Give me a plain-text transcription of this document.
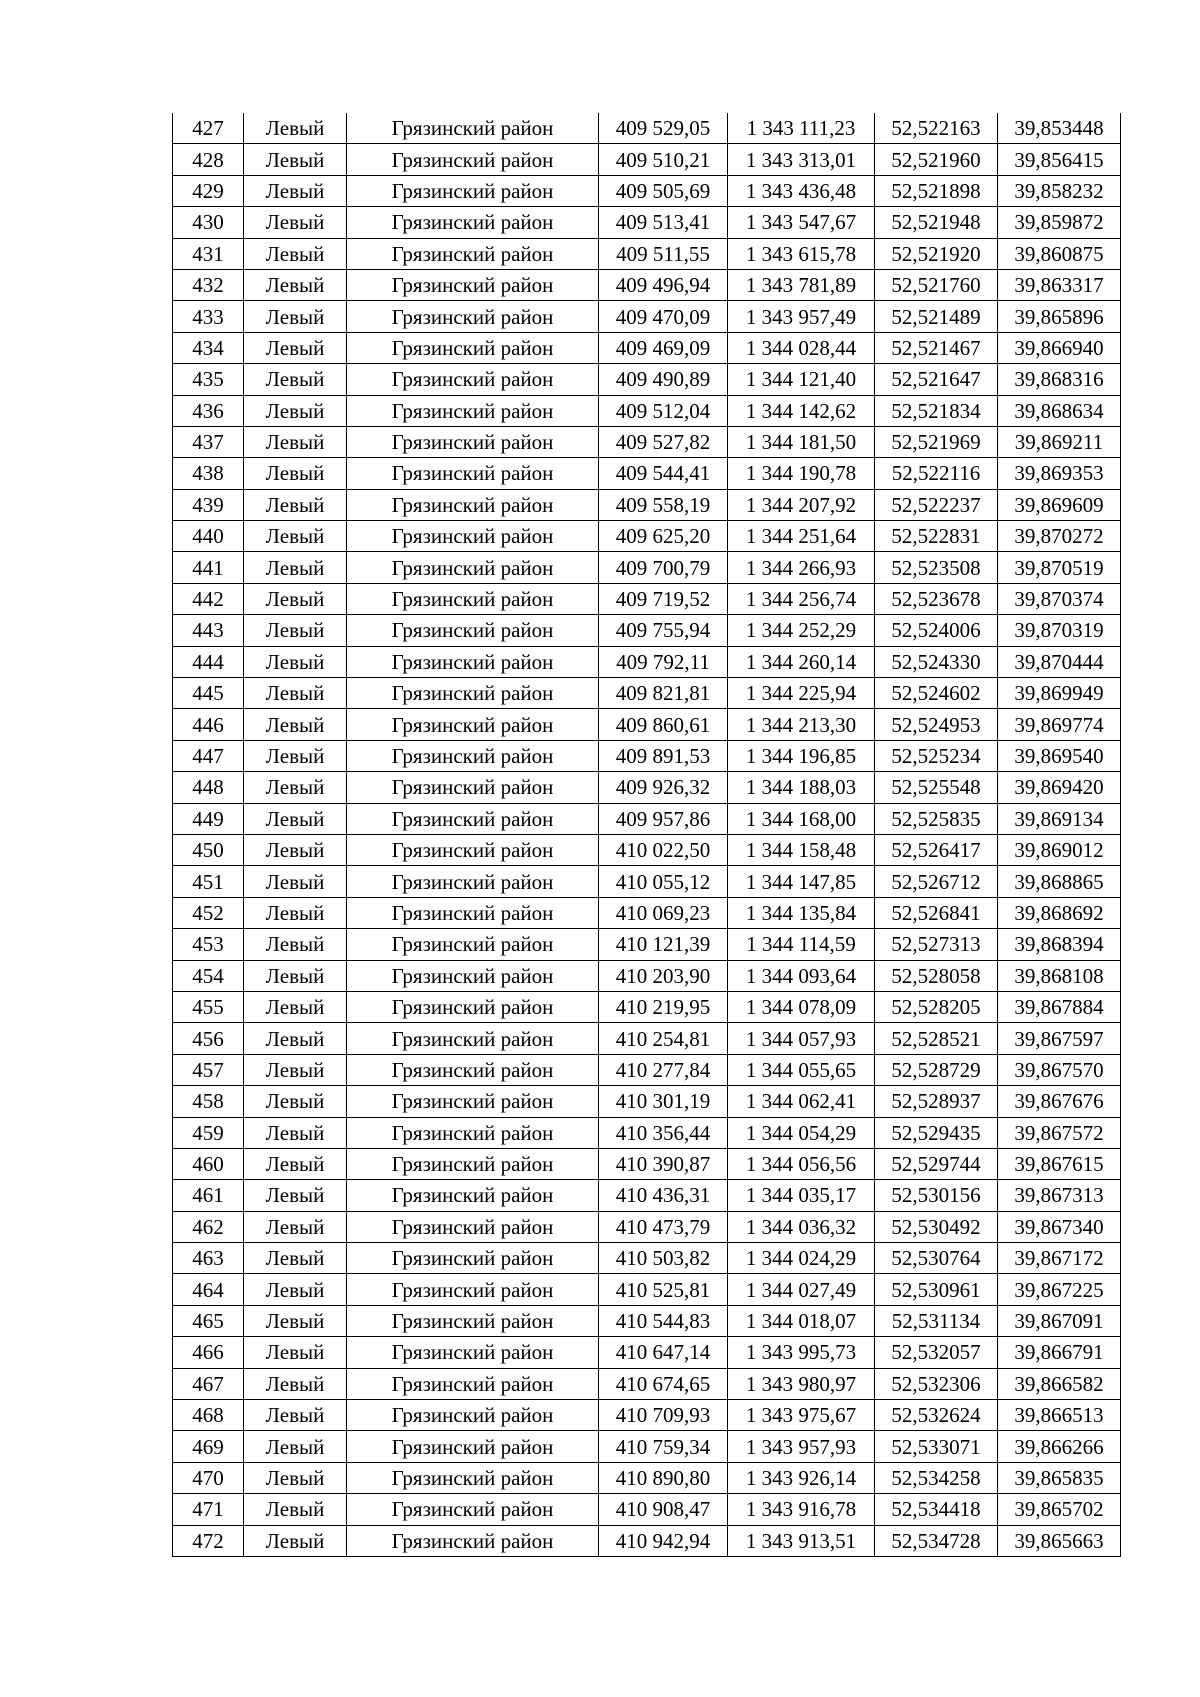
427	Левый	Грязинский район	409 529,05	1 343 111,23	52,522163	39,853448
428	Левый	Грязинский район	409 510,21	1 343 313,01	52,521960	39,856415
429	Левый	Грязинский район	409 505,69	1 343 436,48	52,521898	39,858232
430	Левый	Грязинский район	409 513,41	1 343 547,67	52,521948	39,859872
431	Левый	Грязинский район	409 511,55	1 343 615,78	52,521920	39,860875
432	Левый	Грязинский район	409 496,94	1 343 781,89	52,521760	39,863317
433	Левый	Грязинский район	409 470,09	1 343 957,49	52,521489	39,865896
434	Левый	Грязинский район	409 469,09	1 344 028,44	52,521467	39,866940
435	Левый	Грязинский район	409 490,89	1 344 121,40	52,521647	39,868316
436	Левый	Грязинский район	409 512,04	1 344 142,62	52,521834	39,868634
437	Левый	Грязинский район	409 527,82	1 344 181,50	52,521969	39,869211
438	Левый	Грязинский район	409 544,41	1 344 190,78	52,522116	39,869353
439	Левый	Грязинский район	409 558,19	1 344 207,92	52,522237	39,869609
440	Левый	Грязинский район	409 625,20	1 344 251,64	52,522831	39,870272
441	Левый	Грязинский район	409 700,79	1 344 266,93	52,523508	39,870519
442	Левый	Грязинский район	409 719,52	1 344 256,74	52,523678	39,870374
443	Левый	Грязинский район	409 755,94	1 344 252,29	52,524006	39,870319
444	Левый	Грязинский район	409 792,11	1 344 260,14	52,524330	39,870444
445	Левый	Грязинский район	409 821,81	1 344 225,94	52,524602	39,869949
446	Левый	Грязинский район	409 860,61	1 344 213,30	52,524953	39,869774
447	Левый	Грязинский район	409 891,53	1 344 196,85	52,525234	39,869540
448	Левый	Грязинский район	409 926,32	1 344 188,03	52,525548	39,869420
449	Левый	Грязинский район	409 957,86	1 344 168,00	52,525835	39,869134
450	Левый	Грязинский район	410 022,50	1 344 158,48	52,526417	39,869012
451	Левый	Грязинский район	410 055,12	1 344 147,85	52,526712	39,868865
452	Левый	Грязинский район	410 069,23	1 344 135,84	52,526841	39,868692
453	Левый	Грязинский район	410 121,39	1 344 114,59	52,527313	39,868394
454	Левый	Грязинский район	410 203,90	1 344 093,64	52,528058	39,868108
455	Левый	Грязинский район	410 219,95	1 344 078,09	52,528205	39,867884
456	Левый	Грязинский район	410 254,81	1 344 057,93	52,528521	39,867597
457	Левый	Грязинский район	410 277,84	1 344 055,65	52,528729	39,867570
458	Левый	Грязинский район	410 301,19	1 344 062,41	52,528937	39,867676
459	Левый	Грязинский район	410 356,44	1 344 054,29	52,529435	39,867572
460	Левый	Грязинский район	410 390,87	1 344 056,56	52,529744	39,867615
461	Левый	Грязинский район	410 436,31	1 344 035,17	52,530156	39,867313
462	Левый	Грязинский район	410 473,79	1 344 036,32	52,530492	39,867340
463	Левый	Грязинский район	410 503,82	1 344 024,29	52,530764	39,867172
464	Левый	Грязинский район	410 525,81	1 344 027,49	52,530961	39,867225
465	Левый	Грязинский район	410 544,83	1 344 018,07	52,531134	39,867091
466	Левый	Грязинский район	410 647,14	1 343 995,73	52,532057	39,866791
467	Левый	Грязинский район	410 674,65	1 343 980,97	52,532306	39,866582
468	Левый	Грязинский район	410 709,93	1 343 975,67	52,532624	39,866513
469	Левый	Грязинский район	410 759,34	1 343 957,93	52,533071	39,866266
470	Левый	Грязинский район	410 890,80	1 343 926,14	52,534258	39,865835
471	Левый	Грязинский район	410 908,47	1 343 916,78	52,534418	39,865702
472	Левый	Грязинский район	410 942,94	1 343 913,51	52,534728	39,865663
